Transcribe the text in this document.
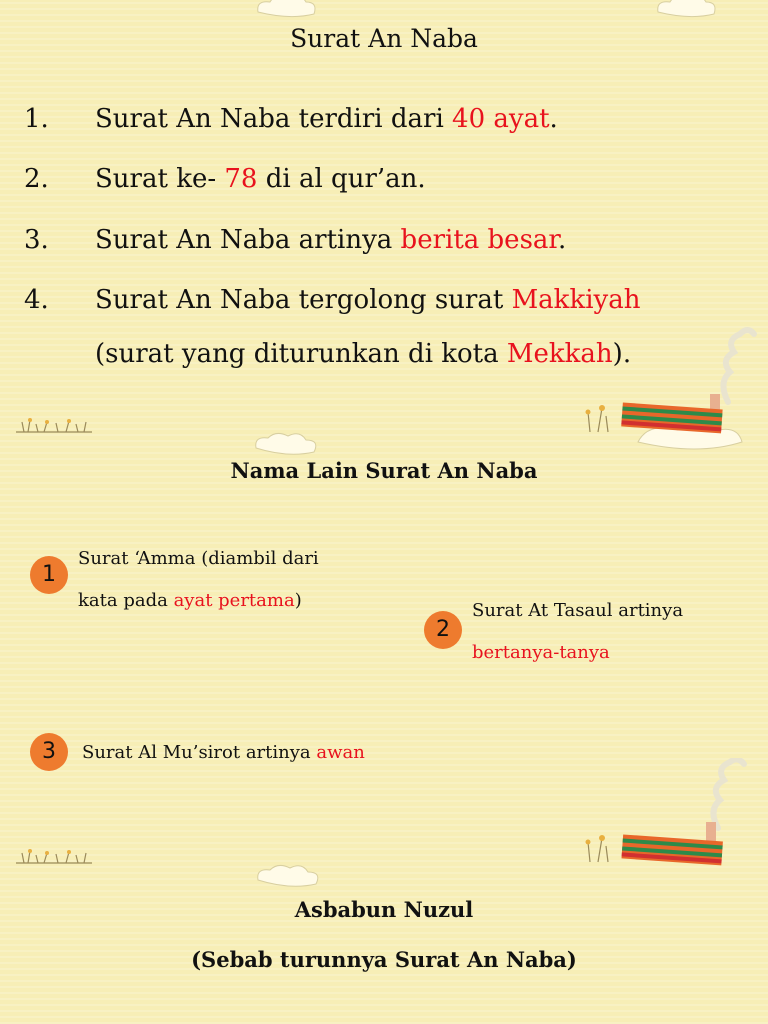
Surat An Naba
1. Surat An Naba terdiri dari 40 ayat.
2. Surat ke- 78 di al qur’an.
3. Surat An Naba artinya berita besar.
4. Surat An Naba tergolong surat Makkiyah
(surat yang diturunkan di kota Mekkah).
Nama Lain Surat An Naba
1
Surat ‘Amma (diambil dari
kata pada ayat pertama)
2
Surat At Tasaul artinya
bertanya-tanya
3	Surat Al Mu’sirot artinya awan
Asbabun Nuzul
(Sebab turunnya Surat An Naba)
